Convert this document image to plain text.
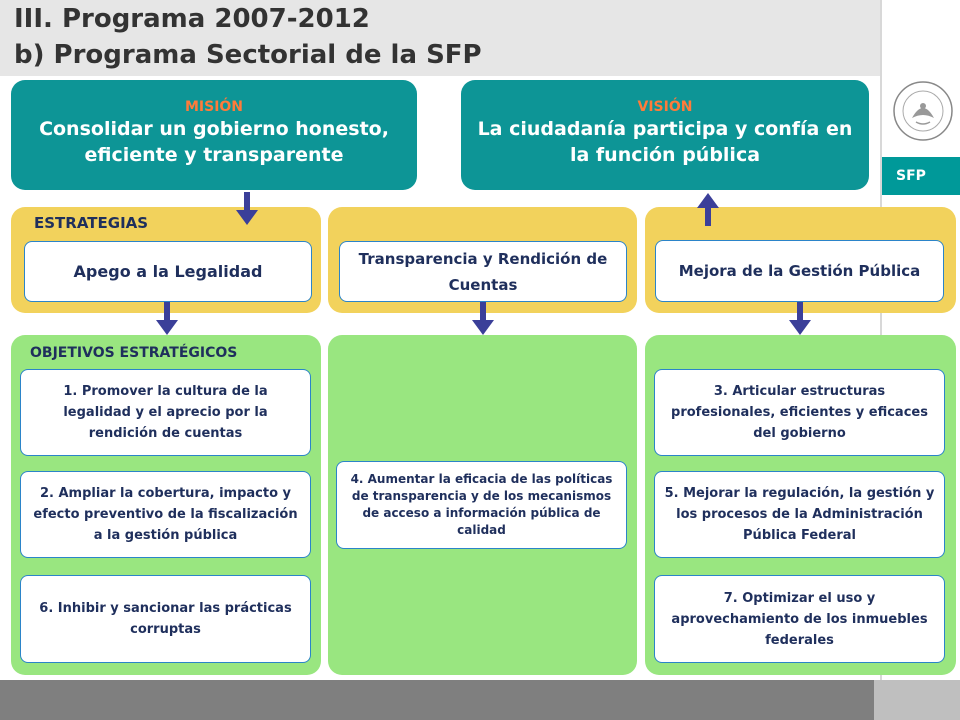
III. Programa 2007-2012
b) Programa Sectorial de la SFP
SFP
MISIÓN
Consolidar un gobierno honesto, eficiente y transparente
VISIÓN
La ciudadanía participa y confía en la función pública
ESTRATEGIAS
Apego a la Legalidad
Transparencia y Rendición de Cuentas
Mejora de la Gestión Pública
OBJETIVOS ESTRATÉGICOS
1. Promover la cultura de la legalidad y el aprecio por la rendición de cuentas
2. Ampliar la cobertura, impacto y efecto preventivo de la fiscalización a la gestión pública
6. Inhibir y sancionar las prácticas corruptas
4. Aumentar la eficacia de las políticas de transparencia y de los mecanismos de acceso a información pública de calidad
3. Articular estructuras profesionales, eficientes y eficaces del gobierno
5. Mejorar la regulación, la gestión y los procesos de la Administración Pública Federal
7. Optimizar el uso y aprovechamiento de los inmuebles federales
